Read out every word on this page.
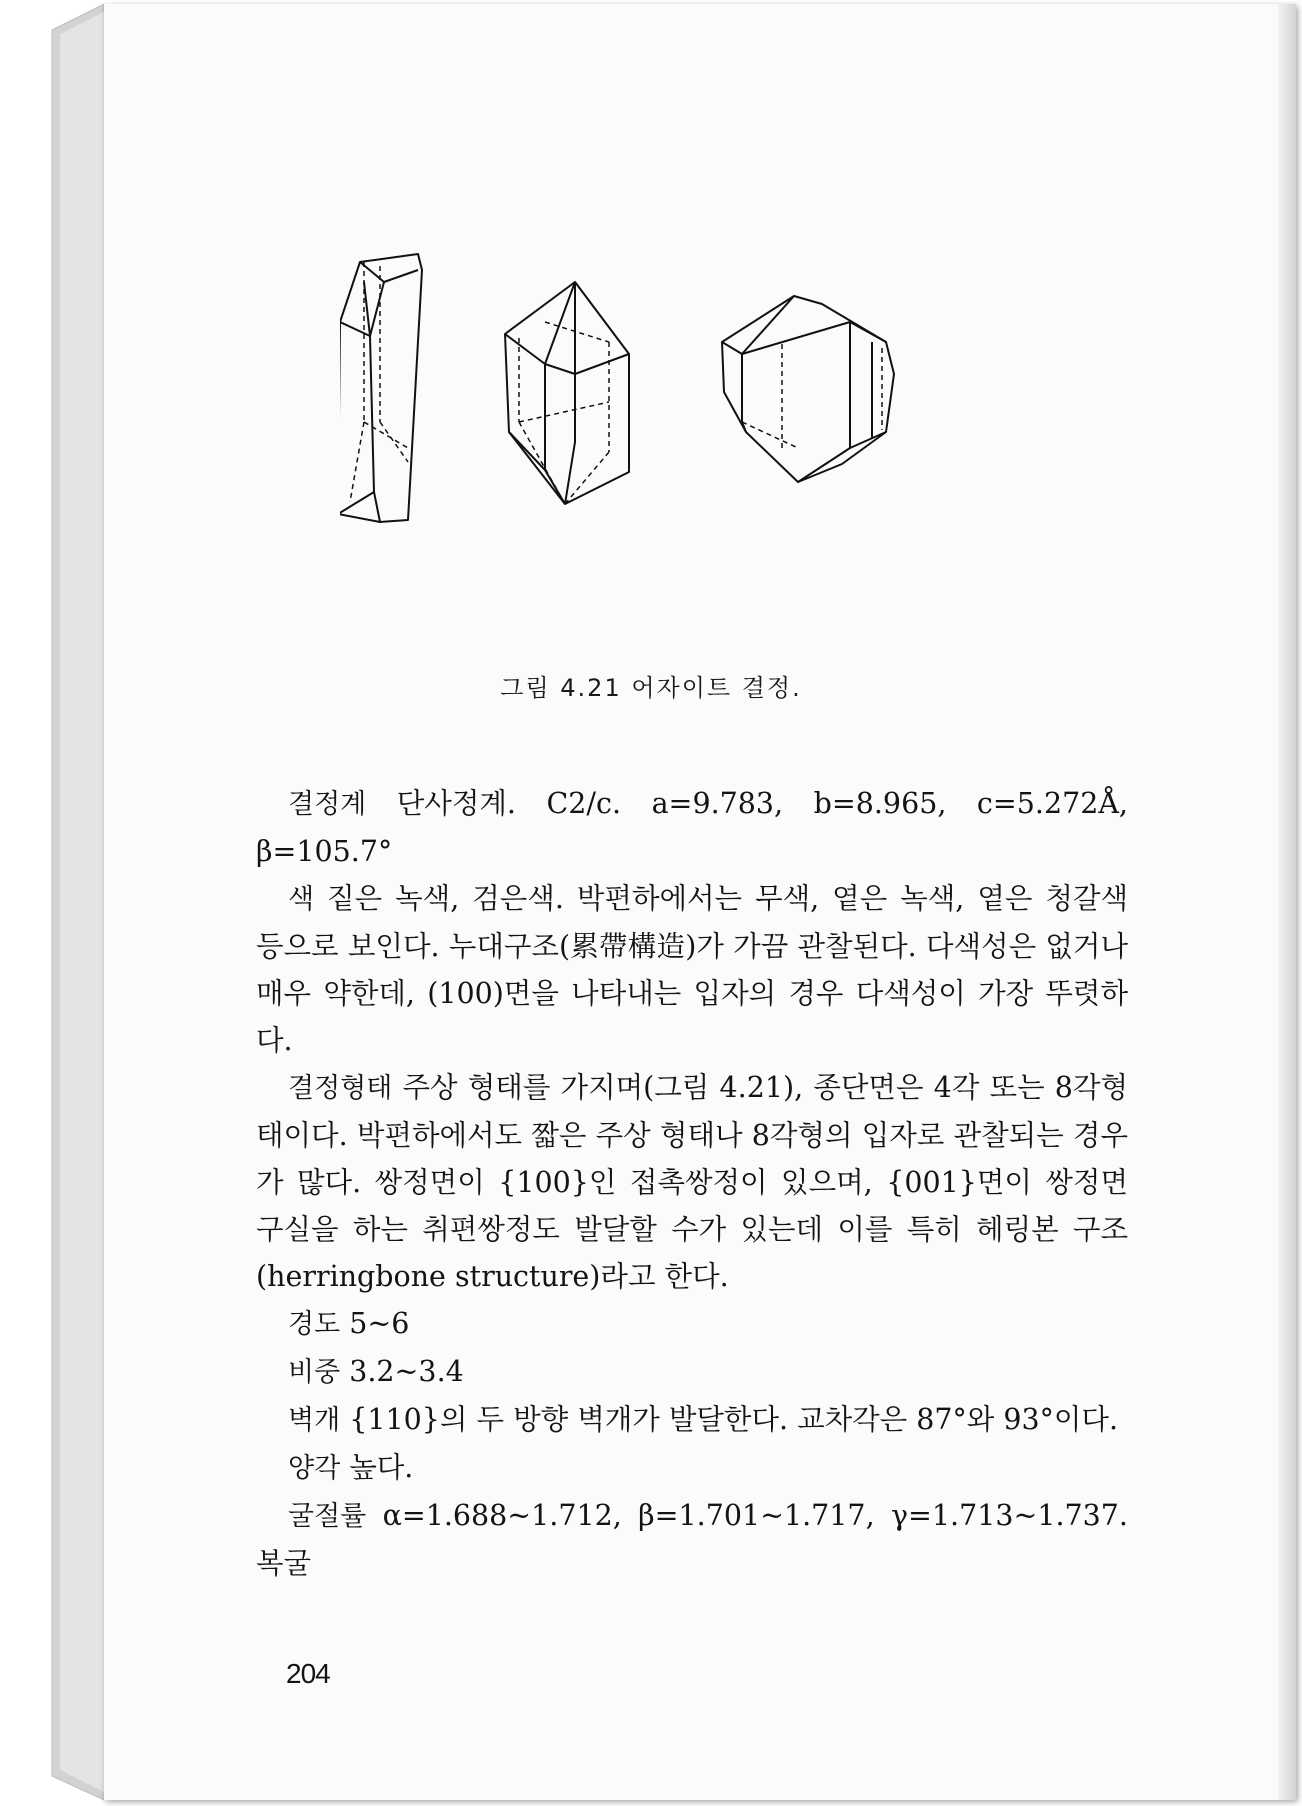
그림 4.21 어자이트 결정.

결정계 단사정계. C2/c. a=9.783, b=8.965, c=5.272Å, β=105.7°

색 짙은 녹색, 검은색. 박편하에서는 무색, 옅은 녹색, 옅은 청갈색 등으로 보인다. 누대구조(累帶構造)가 가끔 관찰된다. 다색성은 없거나 매우 약한데, (100)면을 나타내는 입자의 경우 다색성이 가장 뚜렷하다.

결정형태 주상 형태를 가지며(그림 4.21), 종단면은 4각 또는 8각형태이다. 박편하에서도 짧은 주상 형태나 8각형의 입자로 관찰되는 경우가 많다. 쌍정면이 {100}인 접촉쌍정이 있으며, {001}면이 쌍정면 구실을 하는 취편쌍정도 발달할 수가 있는데 이를 특히 헤링본 구조(herringbone structure)라고 한다.

경도 5~6

비중 3.2~3.4

벽개 {110}의 두 방향 벽개가 발달한다. 교차각은 87°와 93°이다.

양각 높다.

굴절률 α=1.688~1.712, β=1.701~1.717, γ=1.713~1.737. 복굴

204
